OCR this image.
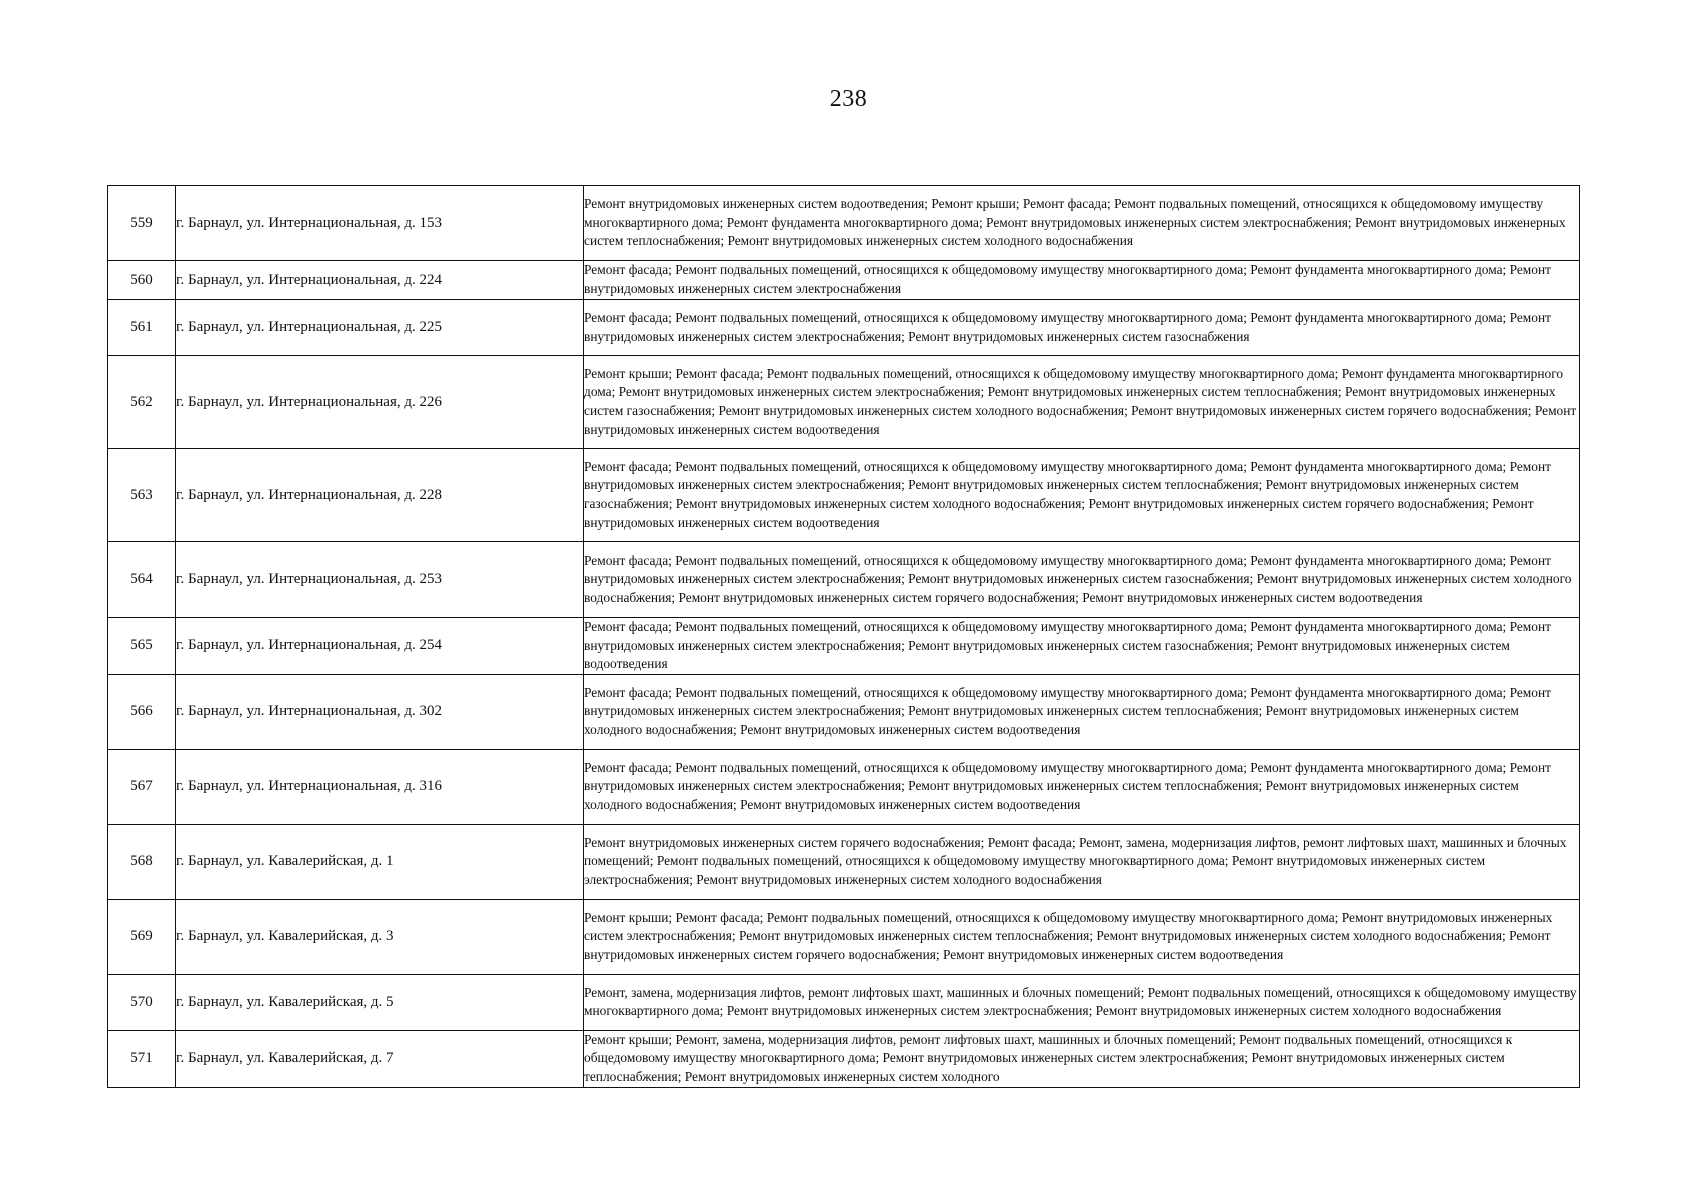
238
559	г. Барнаул, ул. Интернациональная, д. 153	Ремонт внутридомовых инженерных систем водоотведения; Ремонт крыши; Ремонт фасада; Ремонт подвальных помещений, относящихся к общедомовому имуществу многоквартирного дома; Ремонт фундамента многоквартирного дома; Ремонт внутридомовых инженерных систем электроснабжения; Ремонт внутридомовых инженерных систем теплоснабжения; Ремонт внутридомовых инженерных систем холодного водоснабжения
560	г. Барнаул, ул. Интернациональная, д. 224	Ремонт фасада; Ремонт подвальных помещений, относящихся к общедомовому имуществу многоквартирного дома; Ремонт фундамента многоквартирного дома; Ремонт внутридомовых инженерных систем электроснабжения
561	г. Барнаул, ул. Интернациональная, д. 225	Ремонт фасада; Ремонт подвальных помещений, относящихся к общедомовому имуществу многоквартирного дома; Ремонт фундамента многоквартирного дома; Ремонт внутридомовых инженерных систем электроснабжения; Ремонт внутридомовых инженерных систем газоснабжения
562	г. Барнаул, ул. Интернациональная, д. 226	Ремонт крыши; Ремонт фасада; Ремонт подвальных помещений, относящихся к общедомовому имуществу многоквартирного дома; Ремонт фундамента многоквартирного дома; Ремонт внутридомовых инженерных систем электроснабжения; Ремонт внутридомовых инженерных систем теплоснабжения; Ремонт внутридомовых инженерных систем газоснабжения; Ремонт внутридомовых инженерных систем холодного водоснабжения; Ремонт внутридомовых инженерных систем горячего водоснабжения; Ремонт внутридомовых инженерных систем водоотведения
563	г. Барнаул, ул. Интернациональная, д. 228	Ремонт фасада; Ремонт подвальных помещений, относящихся к общедомовому имуществу многоквартирного дома; Ремонт фундамента многоквартирного дома; Ремонт внутридомовых инженерных систем электроснабжения; Ремонт внутридомовых инженерных систем теплоснабжения; Ремонт внутридомовых инженерных систем газоснабжения; Ремонт внутридомовых инженерных систем холодного водоснабжения; Ремонт внутридомовых инженерных систем горячего водоснабжения; Ремонт внутридомовых инженерных систем водоотведения
564	г. Барнаул, ул. Интернациональная, д. 253	Ремонт фасада; Ремонт подвальных помещений, относящихся к общедомовому имуществу многоквартирного дома; Ремонт фундамента многоквартирного дома; Ремонт внутридомовых инженерных систем электроснабжения; Ремонт внутридомовых инженерных систем газоснабжения; Ремонт внутридомовых инженерных систем холодного водоснабжения; Ремонт внутридомовых инженерных систем горячего водоснабжения; Ремонт внутридомовых инженерных систем водоотведения
565	г. Барнаул, ул. Интернациональная, д. 254	Ремонт фасада; Ремонт подвальных помещений, относящихся к общедомовому имуществу многоквартирного дома; Ремонт фундамента многоквартирного дома; Ремонт внутридомовых инженерных систем электроснабжения; Ремонт внутридомовых инженерных систем газоснабжения; Ремонт внутридомовых инженерных систем водоотведения
566	г. Барнаул, ул. Интернациональная, д. 302	Ремонт фасада; Ремонт подвальных помещений, относящихся к общедомовому имуществу многоквартирного дома; Ремонт фундамента многоквартирного дома; Ремонт внутридомовых инженерных систем электроснабжения; Ремонт внутридомовых инженерных систем теплоснабжения; Ремонт внутридомовых инженерных систем холодного водоснабжения; Ремонт внутридомовых инженерных систем водоотведения
567	г. Барнаул, ул. Интернациональная, д. 316	Ремонт фасада; Ремонт подвальных помещений, относящихся к общедомовому имуществу многоквартирного дома; Ремонт фундамента многоквартирного дома; Ремонт внутридомовых инженерных систем электроснабжения; Ремонт внутридомовых инженерных систем теплоснабжения; Ремонт внутридомовых инженерных систем холодного водоснабжения; Ремонт внутридомовых инженерных систем водоотведения
568	г. Барнаул, ул. Кавалерийская, д. 1	Ремонт внутридомовых инженерных систем горячего водоснабжения; Ремонт фасада; Ремонт, замена, модернизация лифтов, ремонт лифтовых шахт, машинных и блочных помещений; Ремонт подвальных помещений, относящихся к общедомовому имуществу многоквартирного дома; Ремонт внутридомовых инженерных систем электроснабжения; Ремонт внутридомовых инженерных систем холодного водоснабжения
569	г. Барнаул, ул. Кавалерийская, д. 3	Ремонт крыши; Ремонт фасада; Ремонт подвальных помещений, относящихся к общедомовому имуществу многоквартирного дома; Ремонт внутридомовых инженерных систем электроснабжения; Ремонт внутридомовых инженерных систем теплоснабжения; Ремонт внутридомовых инженерных систем холодного водоснабжения; Ремонт внутридомовых инженерных систем горячего водоснабжения; Ремонт внутридомовых инженерных систем водоотведения
570	г. Барнаул, ул. Кавалерийская, д. 5	Ремонт, замена, модернизация лифтов, ремонт лифтовых шахт, машинных и блочных помещений; Ремонт подвальных помещений, относящихся к общедомовому имуществу многоквартирного дома; Ремонт внутридомовых инженерных систем электроснабжения; Ремонт внутридомовых инженерных систем холодного водоснабжения
571	г. Барнаул, ул. Кавалерийская, д. 7	Ремонт крыши; Ремонт, замена, модернизация лифтов, ремонт лифтовых шахт, машинных и блочных помещений; Ремонт подвальных помещений, относящихся к общедомовому имуществу многоквартирного дома; Ремонт внутридомовых инженерных систем электроснабжения; Ремонт внутридомовых инженерных систем теплоснабжения; Ремонт внутридомовых инженерных систем холодного
